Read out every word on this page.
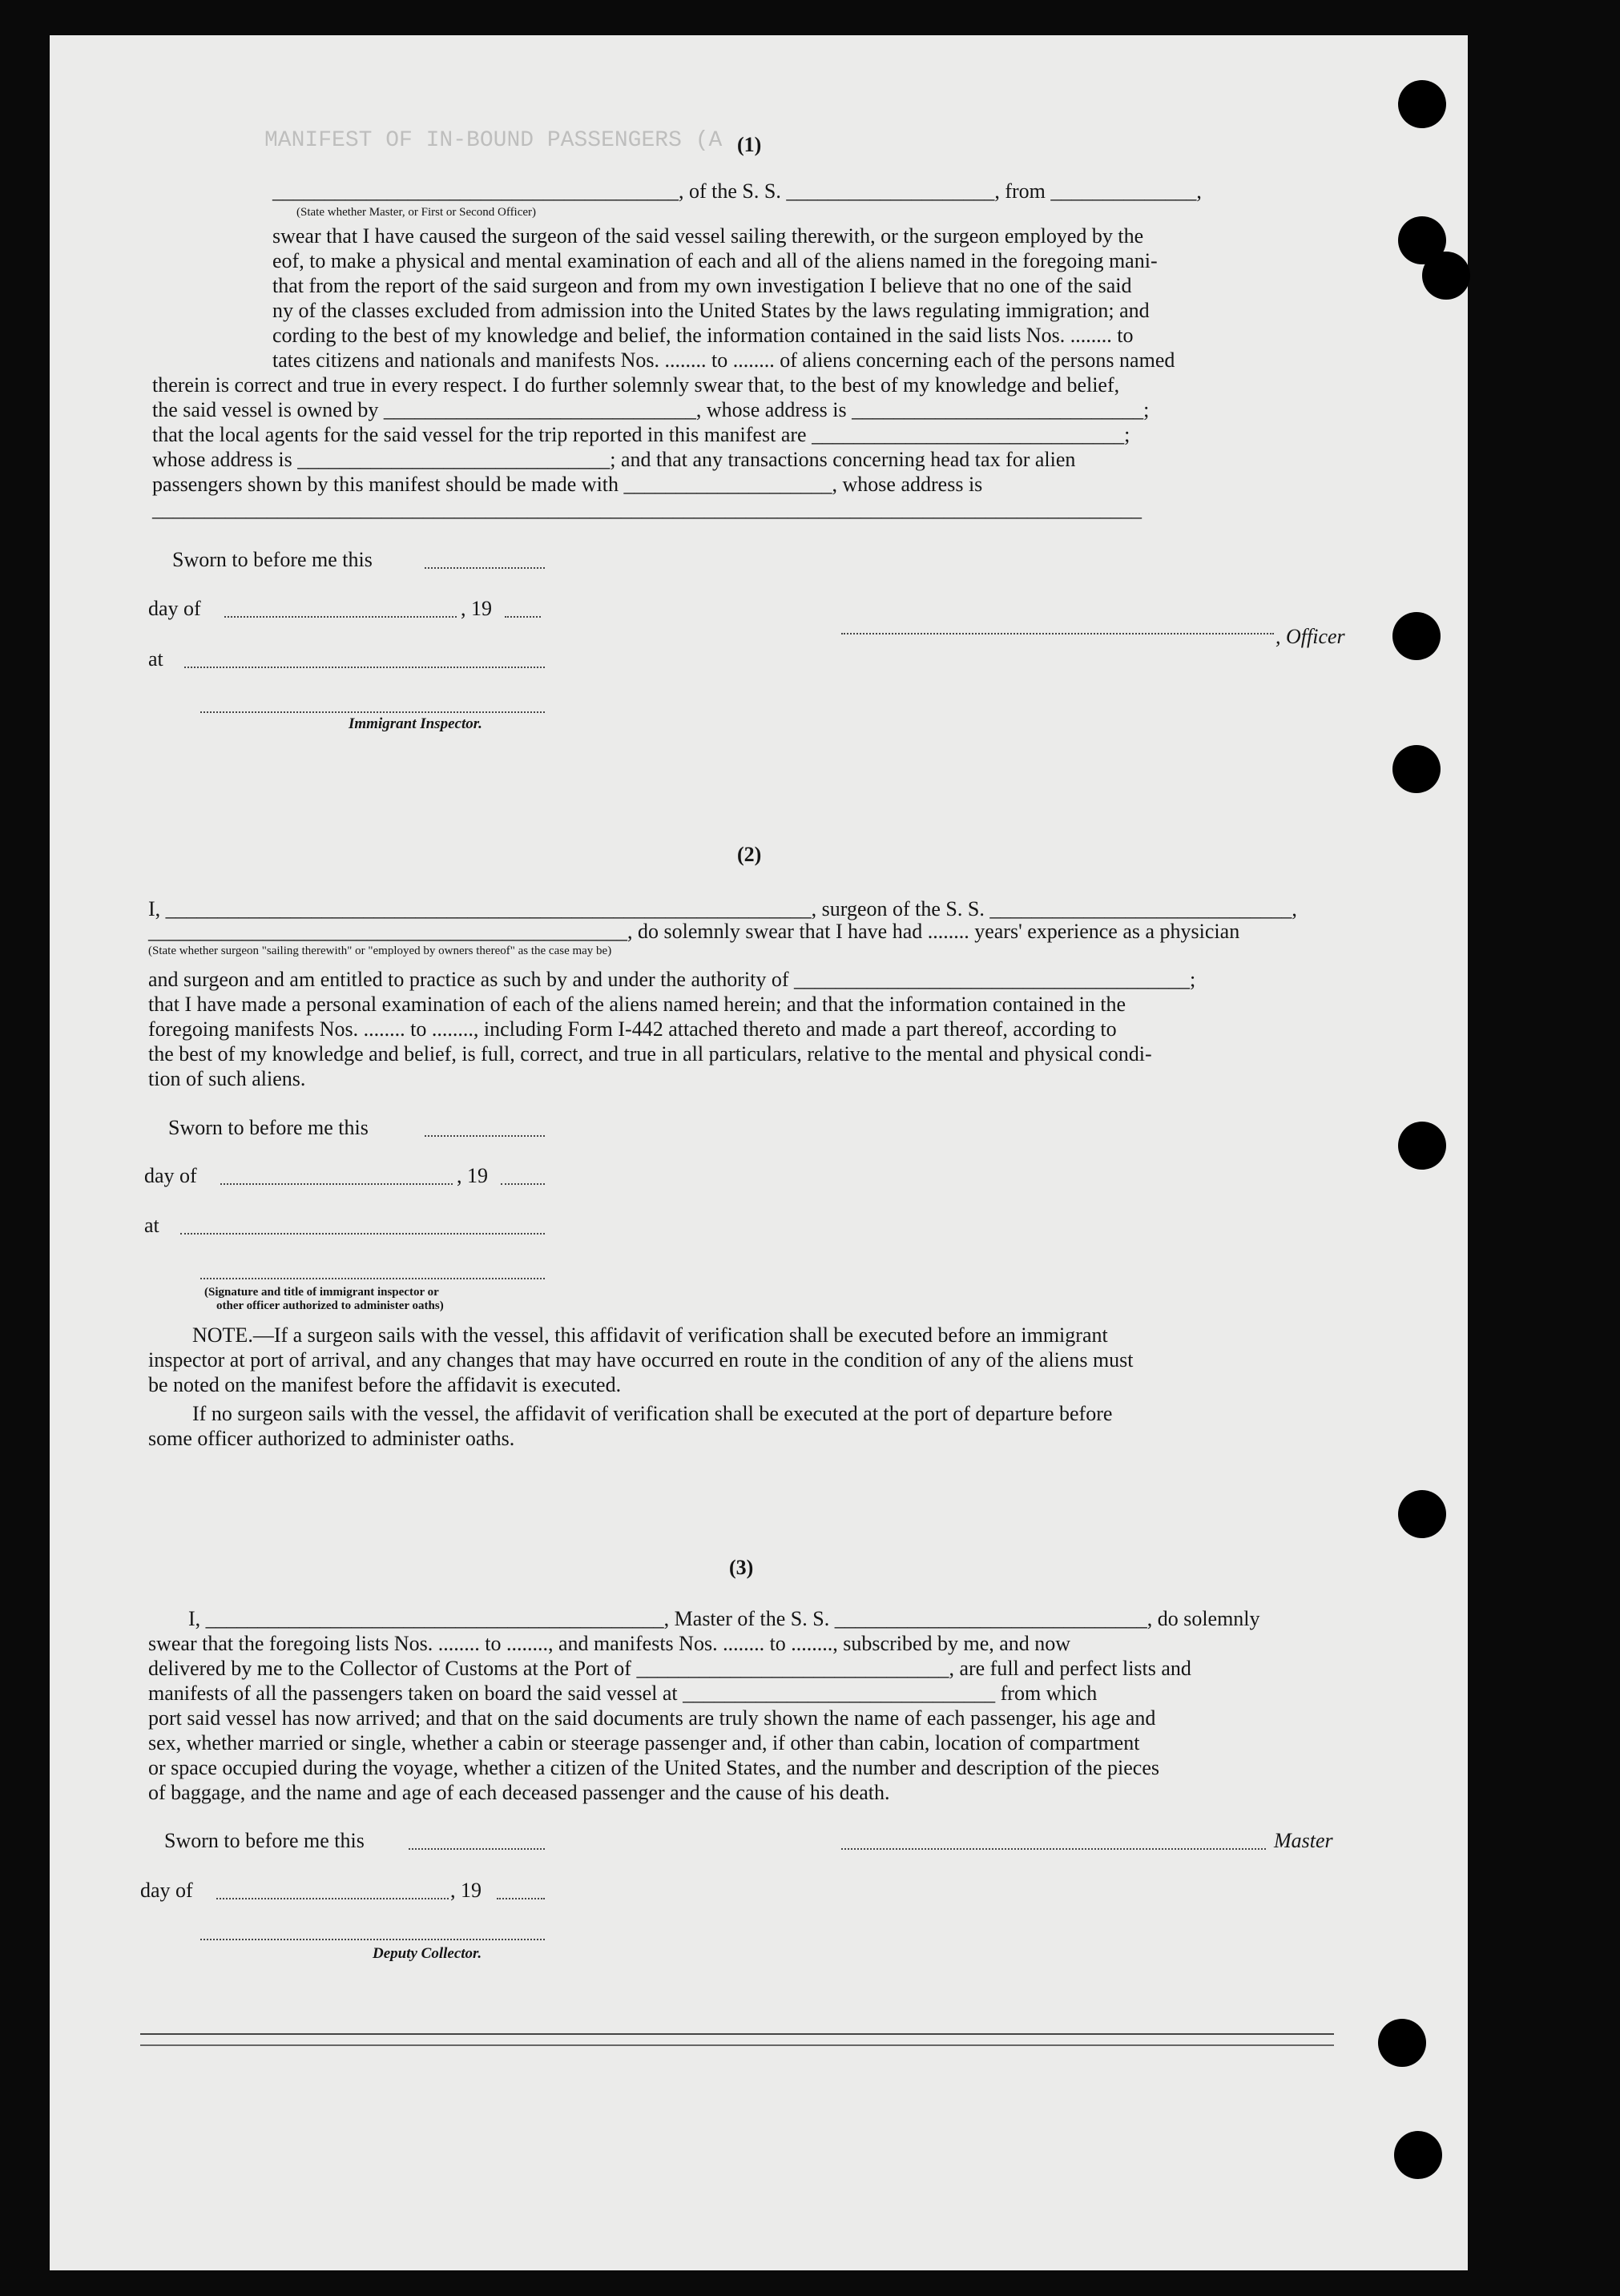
MANIFEST OF IN-BOUND PASSENGERS (A (1)
_______________________________________, of the S. S. ____________________, from ______________,
(State whether Master, or First or Second Officer)
swear that I have caused the surgeon of the said vessel sailing therewith, or the surgeon employed by the
eof, to make a physical and mental examination of each and all of the aliens named in the foregoing mani-
that from the report of the said surgeon and from my own investigation I believe that no one of the said
ny of the classes excluded from admission into the United States by the laws regulating immigration; and
cording to the best of my knowledge and belief, the information contained in the said lists Nos. ........ to
tates citizens and nationals and manifests Nos. ........ to ........ of aliens concerning each of the persons named
therein is correct and true in every respect. I do further solemnly swear that, to the best of my knowledge and belief,
the said vessel is owned by ______________________________, whose address is ____________________________;
that the local agents for the said vessel for the trip reported in this manifest are ______________________________;
whose address is ______________________________; and that any transactions concerning head tax for alien
passengers shown by this manifest should be made with ____________________, whose address is
_______________________________________________________________________________________________
Sworn to before me this
day of	, 19
at
, Officer
Immigrant Inspector.
(2)
I, ______________________________________________________________, surgeon of the S. S. _____________________________,
______________________________________________, do solemnly swear that I have had ........ years' experience as a physician
(State whether surgeon "sailing therewith" or "employed by owners thereof" as the case may be)
and surgeon and am entitled to practice as such by and under the authority of ______________________________________;
that I have made a personal examination of each of the aliens named herein; and that the information contained in the
foregoing manifests Nos. ........ to ........, including Form I-442 attached thereto and made a part thereof, according to
the best of my knowledge and belief, is full, correct, and true in all particulars, relative to the mental and physical condi-
tion of such aliens.
Sworn to before me this
day of	, 19
at
(Signature and title of immigrant inspector or
other officer authorized to administer oaths)
NOTE.—If a surgeon sails with the vessel, this affidavit of verification shall be executed before an immigrant
inspector at port of arrival, and any changes that may have occurred en route in the condition of any of the aliens must
be noted on the manifest before the affidavit is executed.
If no surgeon sails with the vessel, the affidavit of verification shall be executed at the port of departure before
some officer authorized to administer oaths.
(3)
I, ____________________________________________, Master of the S. S. ______________________________, do solemnly
swear that the foregoing lists Nos. ........ to ........, and manifests Nos. ........ to ........, subscribed by me, and now
delivered by me to the Collector of Customs at the Port of ______________________________, are full and perfect lists and
manifests of all the passengers taken on board the said vessel at ______________________________ from which
port said vessel has now arrived; and that on the said documents are truly shown the name of each passenger, his age and
sex, whether married or single, whether a cabin or steerage passenger and, if other than cabin, location of compartment
or space occupied during the voyage, whether a citizen of the United States, and the number and description of the pieces
of baggage, and the name and age of each deceased passenger and the cause of his death.
Sworn to before me this	Master
day of	, 19
Deputy Collector.
